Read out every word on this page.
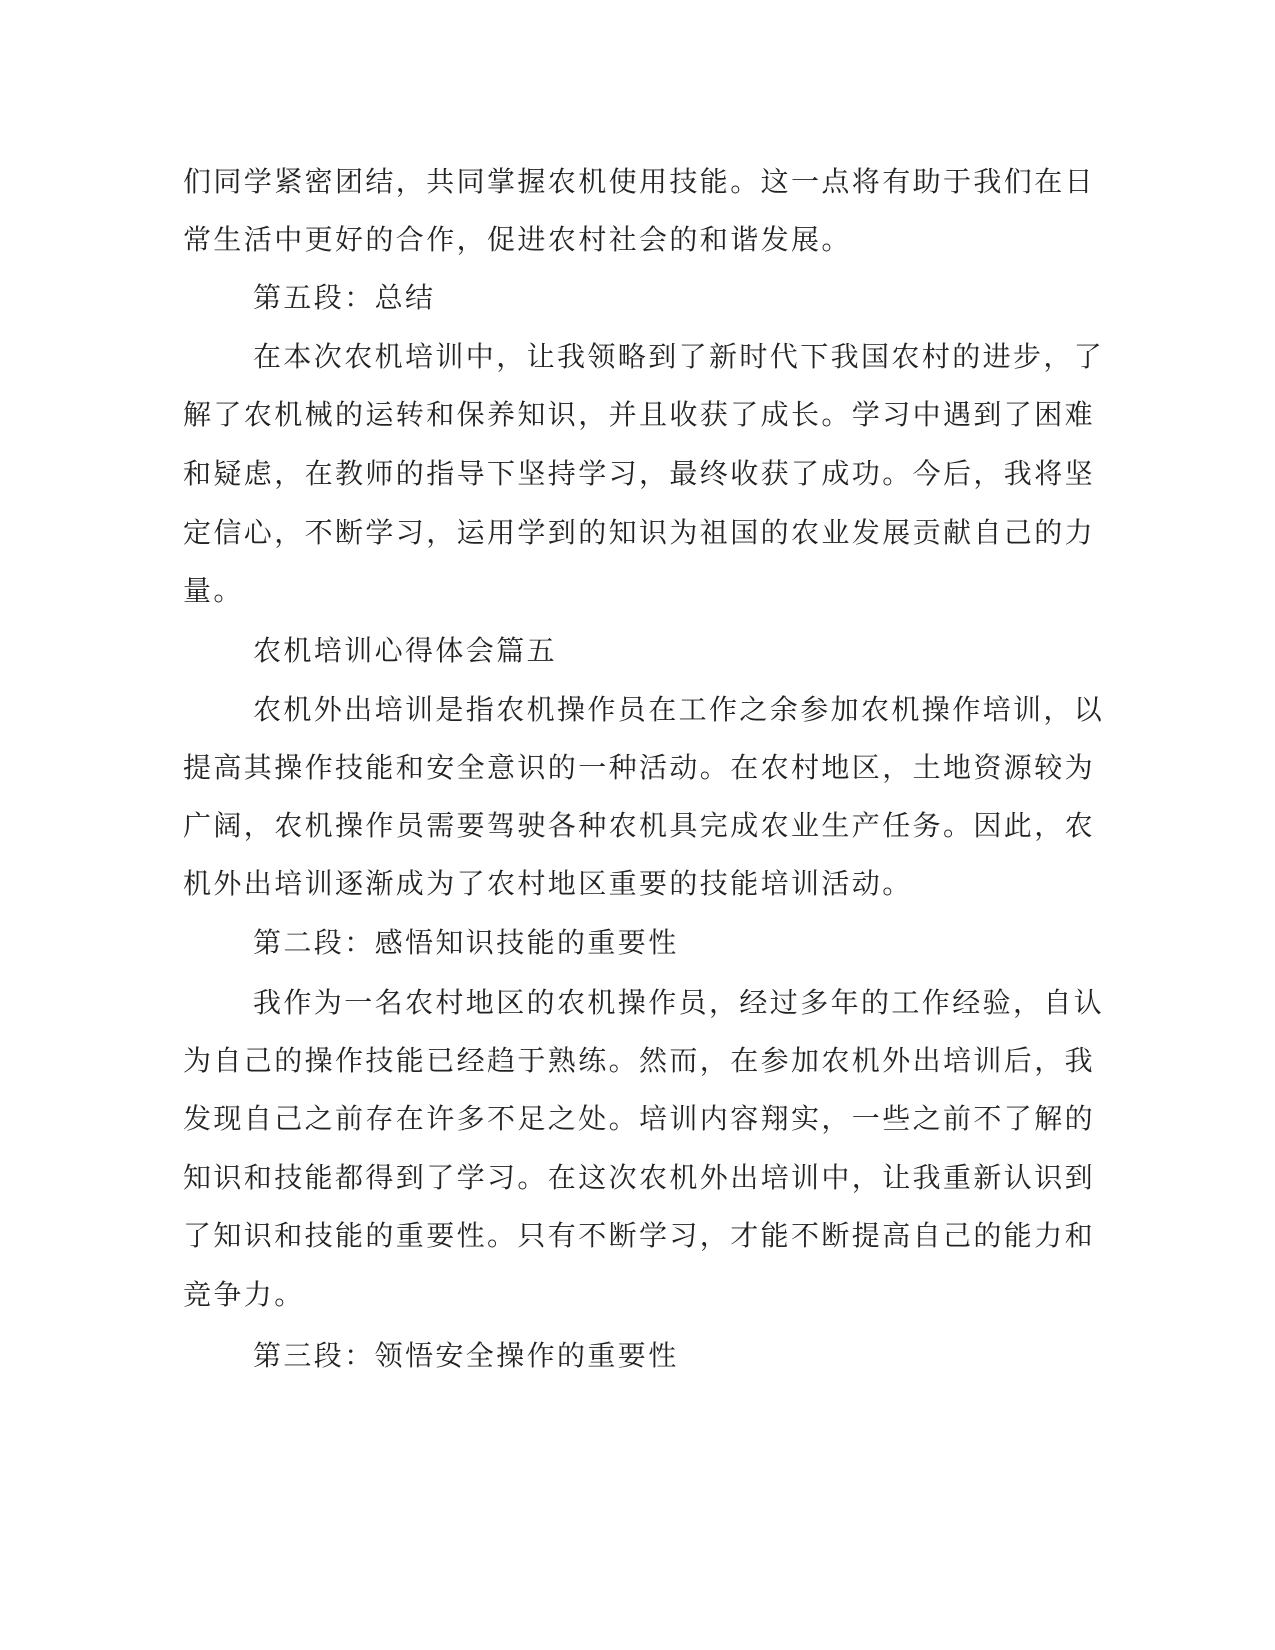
们同学紧密团结，共同掌握农机使用技能。这一点将有助于我们在日
常生活中更好的合作，促进农村社会的和谐发展。
第五段：总结
在本次农机培训中，让我领略到了新时代下我国农村的进步，了
解了农机械的运转和保养知识，并且收获了成长。学习中遇到了困难
和疑虑，在教师的指导下坚持学习，最终收获了成功。今后，我将坚
定信心，不断学习，运用学到的知识为祖国的农业发展贡献自己的力
量。
农机培训心得体会篇五
农机外出培训是指农机操作员在工作之余参加农机操作培训，以
提高其操作技能和安全意识的一种活动。在农村地区，土地资源较为
广阔，农机操作员需要驾驶各种农机具完成农业生产任务。因此，农
机外出培训逐渐成为了农村地区重要的技能培训活动。
第二段：感悟知识技能的重要性
我作为一名农村地区的农机操作员，经过多年的工作经验，自认
为自己的操作技能已经趋于熟练。然而，在参加农机外出培训后，我
发现自己之前存在许多不足之处。培训内容翔实，一些之前不了解的
知识和技能都得到了学习。在这次农机外出培训中，让我重新认识到
了知识和技能的重要性。只有不断学习，才能不断提高自己的能力和
竞争力。
第三段：领悟安全操作的重要性
